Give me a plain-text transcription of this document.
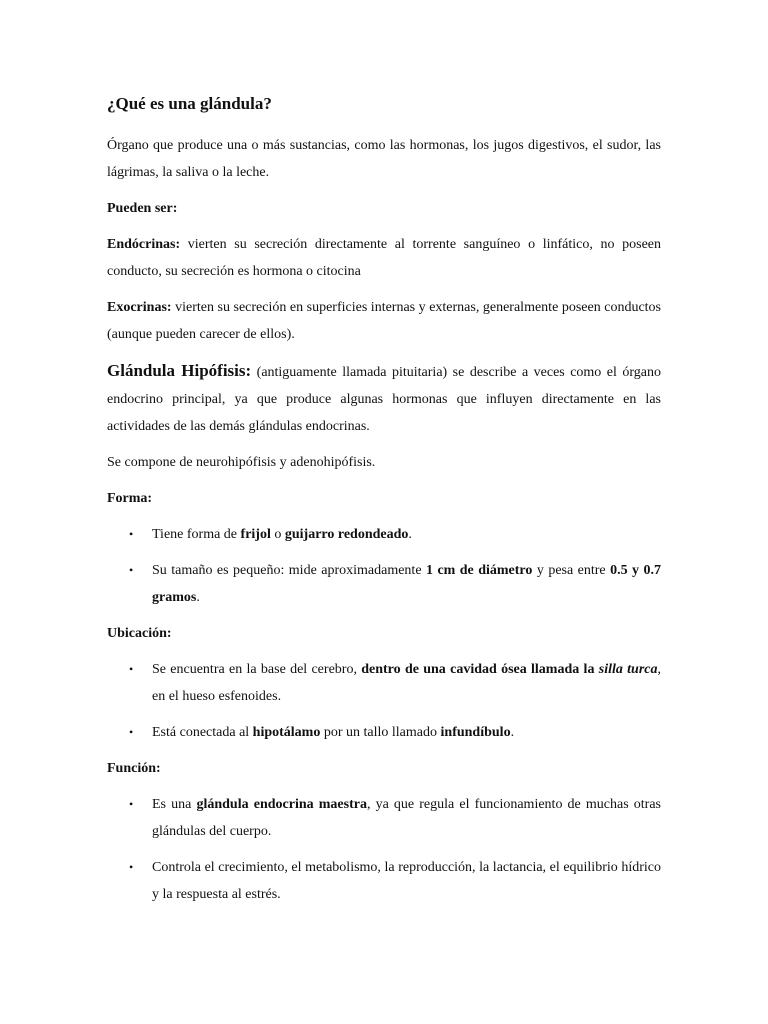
¿Qué es una glándula?

Órgano que produce una o más sustancias, como las hormonas, los jugos digestivos, el sudor, las lágrimas, la saliva o la leche.

Pueden ser:

Endócrinas: vierten su secreción directamente al torrente sanguíneo o linfático, no poseen conducto, su secreción es hormona o citocina

Exocrinas: vierten su secreción en superficies internas y externas, generalmente poseen conductos (aunque pueden carecer de ellos).

Glándula Hipófisis: (antiguamente llamada pituitaria) se describe a veces como el órgano endocrino principal, ya que produce algunas hormonas que influyen directamente en las actividades de las demás glándulas endocrinas.

Se compone de neurohipófisis y adenohipófisis.

Forma:

• Tiene forma de frijol o guijarro redondeado.
• Su tamaño es pequeño: mide aproximadamente 1 cm de diámetro y pesa entre 0.5 y 0.7 gramos.

Ubicación:

• Se encuentra en la base del cerebro, dentro de una cavidad ósea llamada la silla turca, en el hueso esfenoides.
• Está conectada al hipotálamo por un tallo llamado infundíbulo.

Función:

• Es una glándula endocrina maestra, ya que regula el funcionamiento de muchas otras glándulas del cuerpo.
• Controla el crecimiento, el metabolismo, la reproducción, la lactancia, el equilibrio hídrico y la respuesta al estrés.
